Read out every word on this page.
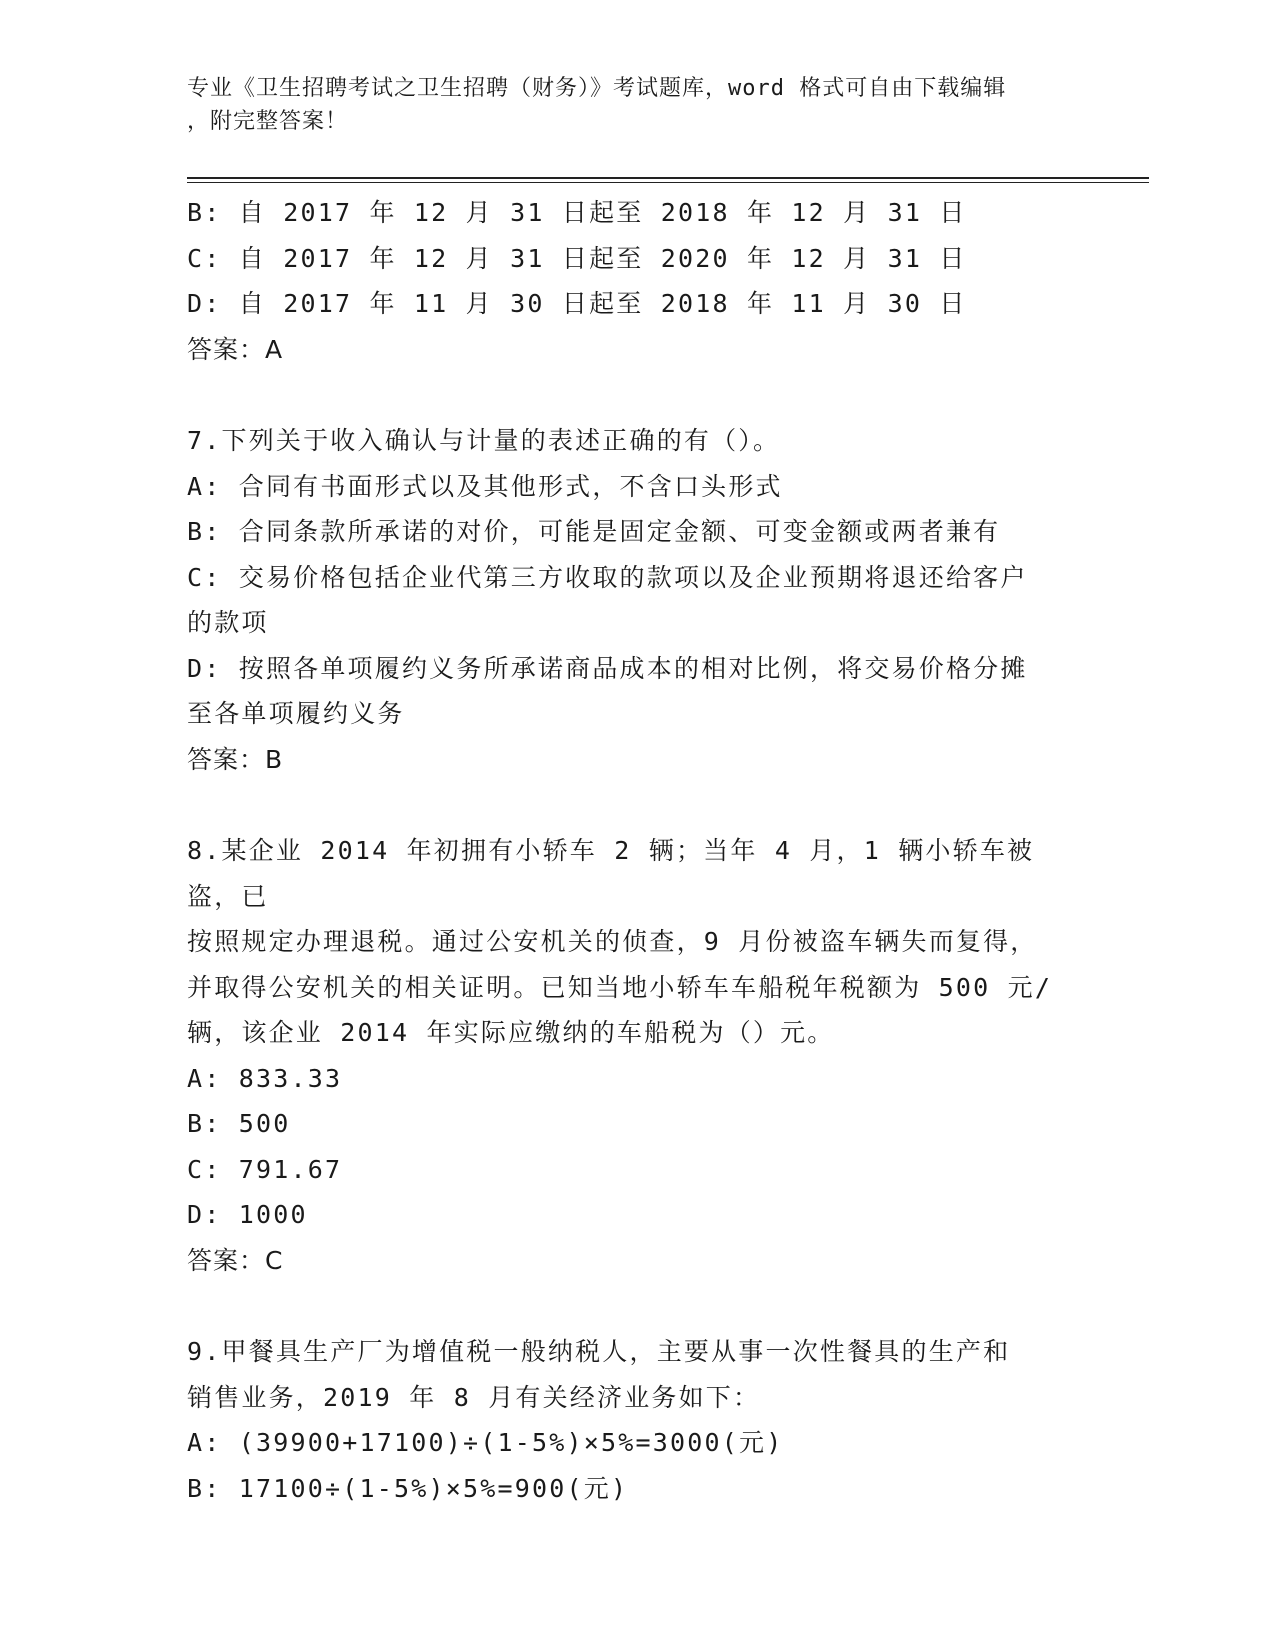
专业《卫生招聘考试之卫生招聘（财务）》考试题库，word 格式可自由下载编辑
，附完整答案！
B: 自 2017 年 12 月 31 日起至 2018 年 12 月 31 日
C: 自 2017 年 12 月 31 日起至 2020 年 12 月 31 日
D: 自 2017 年 11 月 30 日起至 2018 年 11 月 30 日
答案：A
7.下列关于收入确认与计量的表述正确的有（）。
A: 合同有书面形式以及其他形式，不含口头形式
B: 合同条款所承诺的对价，可能是固定金额、可变金额或两者兼有
C: 交易价格包括企业代第三方收取的款项以及企业预期将退还给客户
的款项
D: 按照各单项履约义务所承诺商品成本的相对比例，将交易价格分摊
至各单项履约义务
答案：B
8.某企业 2014 年初拥有小轿车 2 辆；当年 4 月，1 辆小轿车被盗，已
按照规定办理退税。通过公安机关的侦查，9 月份被盗车辆失而复得，
并取得公安机关的相关证明。已知当地小轿车车船税年税额为 500 元/
辆，该企业 2014 年实际应缴纳的车船税为（）元。
A: 833.33
B: 500
C: 791.67
D: 1000
答案：C
9.甲餐具生产厂为增值税一般纳税人，主要从事一次性餐具的生产和
销售业务，2019 年 8 月有关经济业务如下：
A: (39900+17100)÷(1-5%)×5%=3000(元)
B: 17100÷(1-5%)×5%=900(元)
